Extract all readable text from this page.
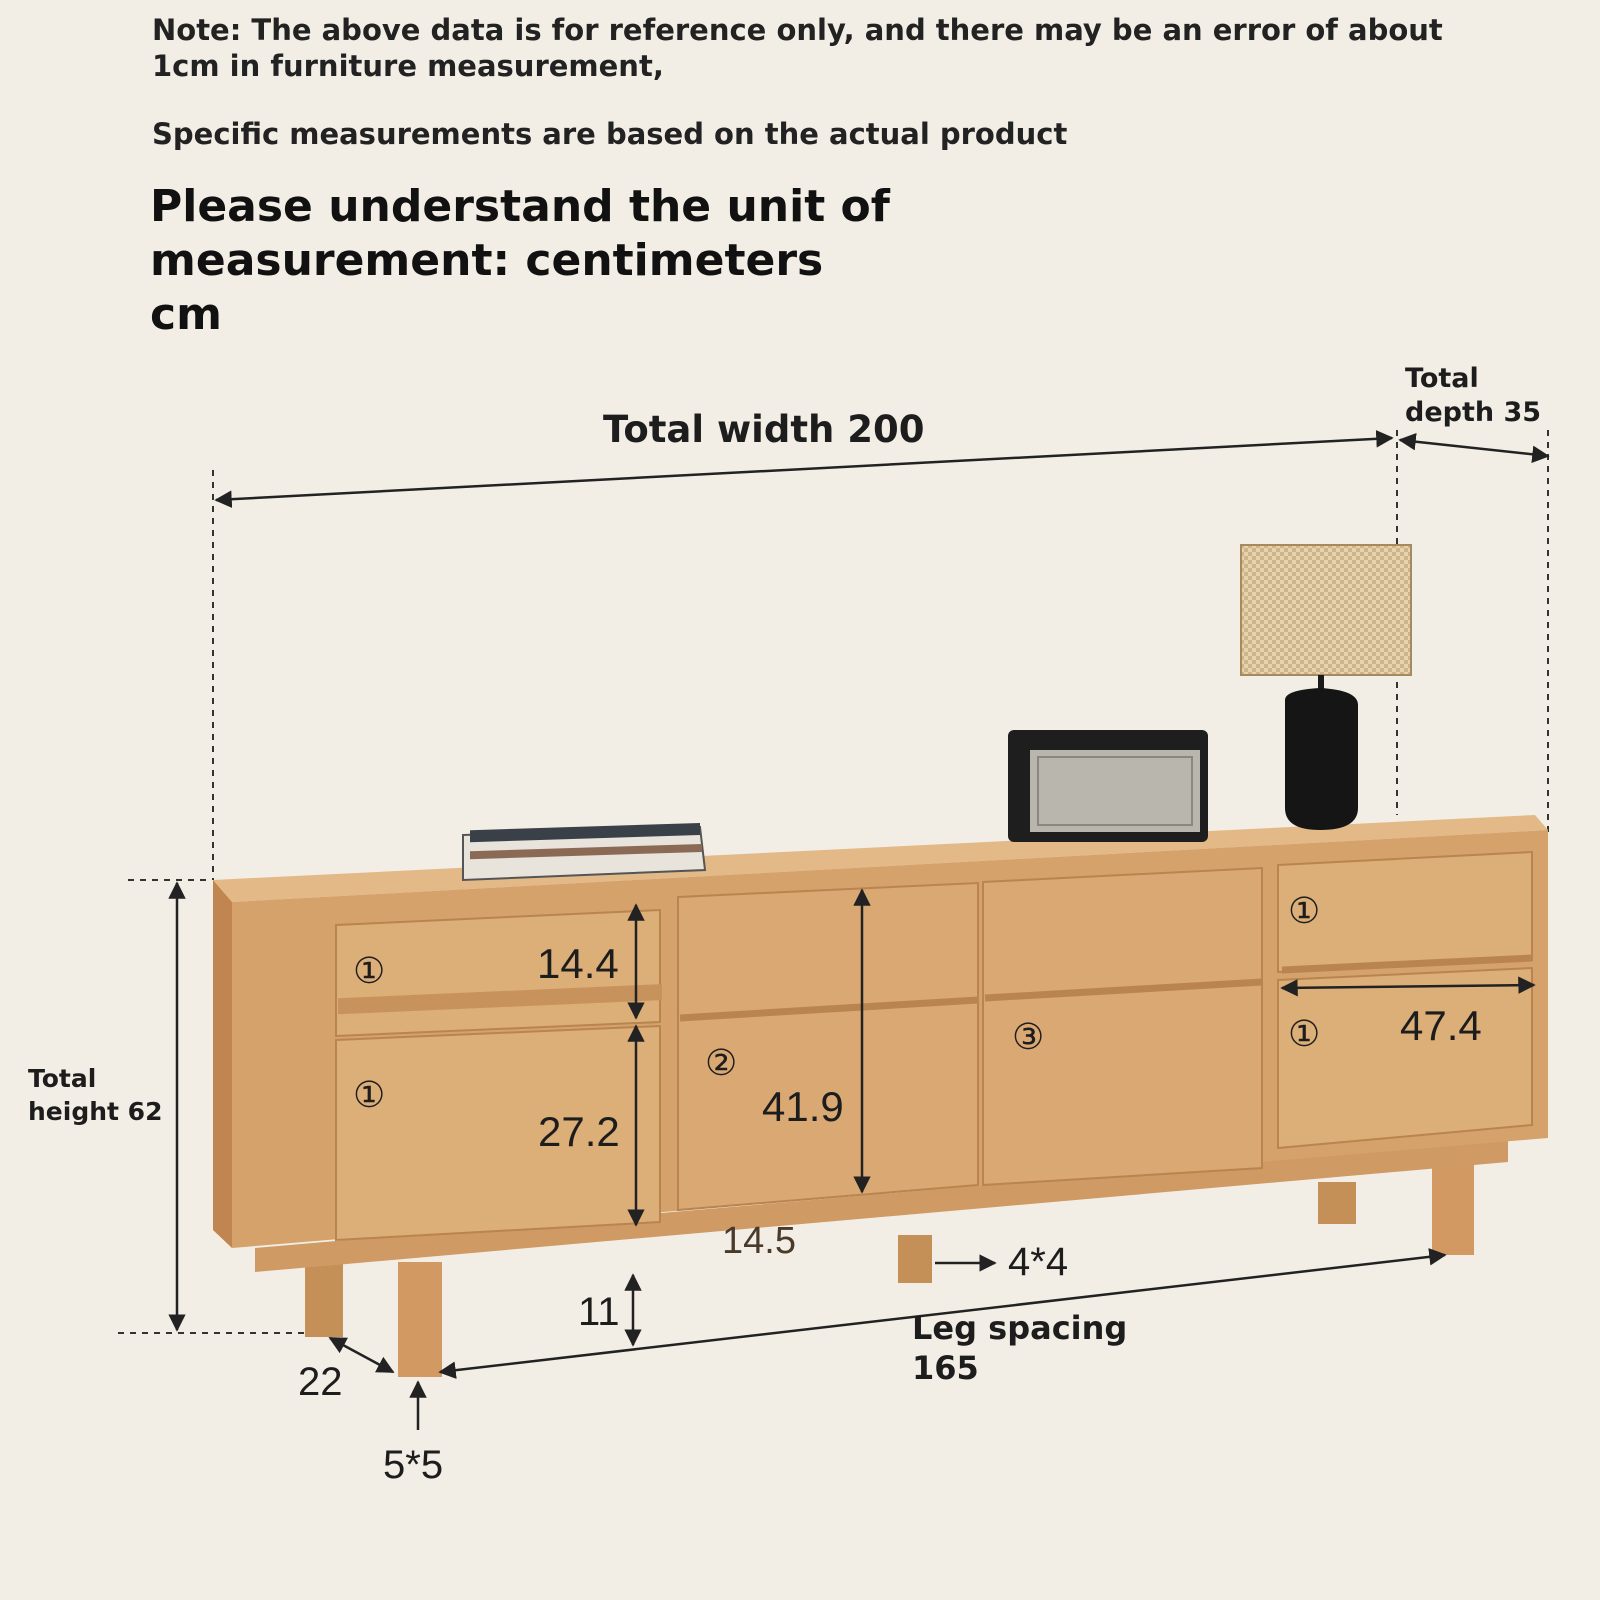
Note: The above data is for reference only, and there may be an error of about 1cm in furniture measurement,

Specific measurements are based on the actual product

Please understand the unit of measurement: centimeters cm

Total width 200
Total depth 35
Total height 62
14.4
27.2
41.9
47.4
14.5
11
22
5*5
4*4
Leg spacing 165
①
①
②
③
①
①
